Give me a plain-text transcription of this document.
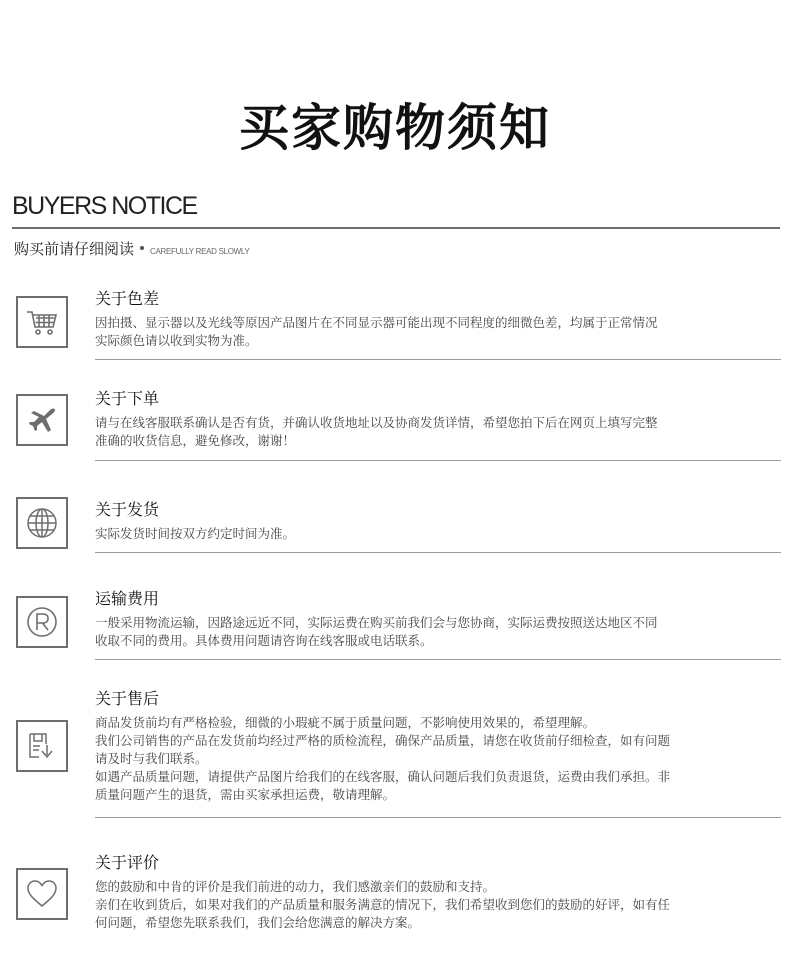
买家购物须知
BUYERS NOTICE
购买前请仔细阅读 CAREFULLY READ SLOWLY
关于色差

因拍摄、显示器以及光线等原因产品图片在不同显示器可能出现不同程度的细微色差，均属于正常情况

实际颜色请以收到实物为准。

关于下单

请与在线客服联系确认是否有货，并确认收货地址以及协商发货详情，希望您拍下后在网页上填写完整

准确的收货信息，避免修改，谢谢！

关于发货

实际发货时间按双方约定时间为准。

运输费用

一般采用物流运输，因路途远近不同，实际运费在购买前我们会与您协商，实际运费按照送达地区不同

收取不同的费用。具体费用问题请咨询在线客服或电话联系。

关于售后

商品发货前均有严格检验，细微的小瑕疵不属于质量问题，不影响使用效果的，希望理解。

我们公司销售的产品在发货前均经过严格的质检流程，确保产品质量，请您在收货前仔细检查，如有问题

请及时与我们联系。

如遇产品质量问题，请提供产品图片给我们的在线客服，确认问题后我们负责退货，运费由我们承担。非

质量问题产生的退货，需由买家承担运费，敬请理解。

关于评价

您的鼓励和中肯的评价是我们前进的动力，我们感激亲们的鼓励和支持。

亲们在收到货后，如果对我们的产品质量和服务满意的情况下，我们希望收到您们的鼓励的好评，如有任

何问题，希望您先联系我们，我们会给您满意的解决方案。
